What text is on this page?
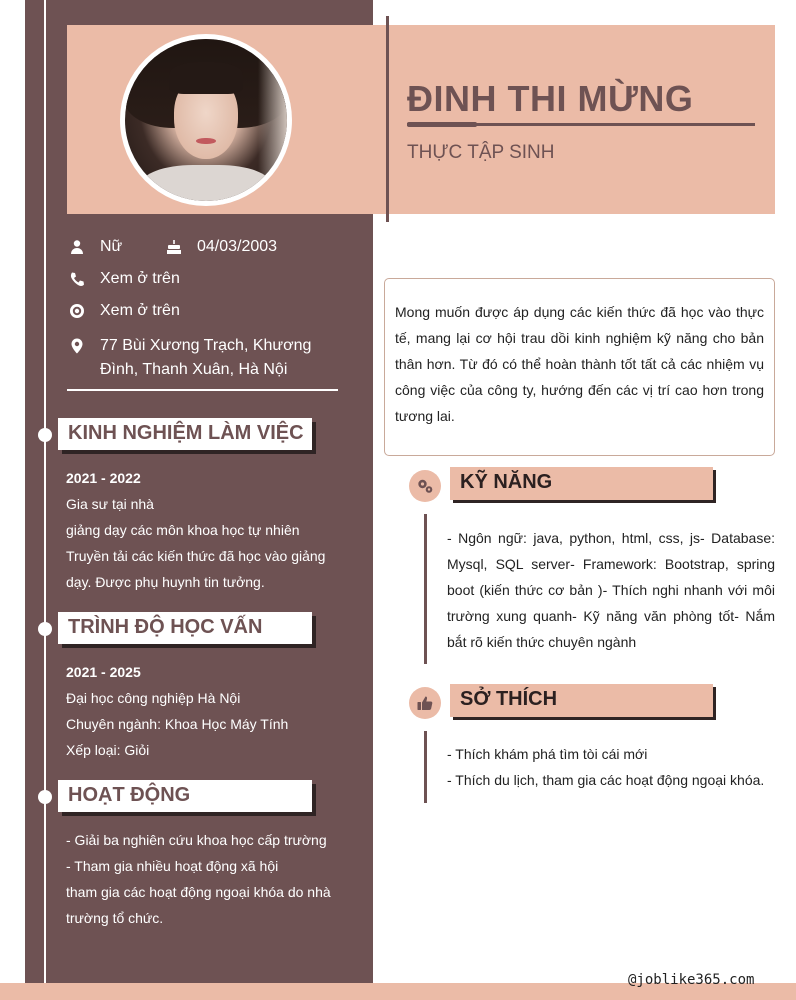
ĐINH THI MỪNG
THỰC TẬP SINH
Nữ	04/03/2003
Xem ở trên
Xem ở trên
77 Bùi Xương Trạch, Khương
Đình, Thanh Xuân, Hà Nội
KINH NGHIỆM LÀM VIỆC
2021 - 2022
Gia sư tại nhà
giảng dạy các môn khoa học tự nhiên
Truyền tải các kiến thức đã học vào giảng
dạy. Được phụ huynh tin tưởng.
TRÌNH ĐỘ HỌC VẤN
2021 - 2025
Đại học công nghiệp Hà Nội
Chuyên ngành: Khoa Học Máy Tính
Xếp loại: Giỏi
HOẠT ĐỘNG
- Giải ba nghiên cứu khoa học cấp trường
- Tham gia nhiều hoạt động xã hội
tham gia các hoạt động ngoại khóa do nhà
trường tổ chức.

Mong muốn được áp dụng các kiến thức đã học vào thực tế, mang lại cơ hội trau dồi kinh nghiệm kỹ năng cho bản thân hơn. Từ đó có thể hoàn thành tốt tất cả các nhiệm vụ công việc của công ty, hướng đến các vị trí cao hơn trong tương lai.

KỸ NĂNG

- Ngôn ngữ: java, python, html, css, js- Database: Mysql, SQL server- Framework: Bootstrap, spring boot (kiến thức cơ bản )- Thích nghi nhanh với môi trường xung quanh- Kỹ năng văn phòng tốt- Nắm bắt rõ kiến thức chuyên ngành

SỞ THÍCH
- Thích khám phá tìm tòi cái mới
- Thích du lịch, tham gia các hoạt động ngoại khóa.
@joblike365.com
